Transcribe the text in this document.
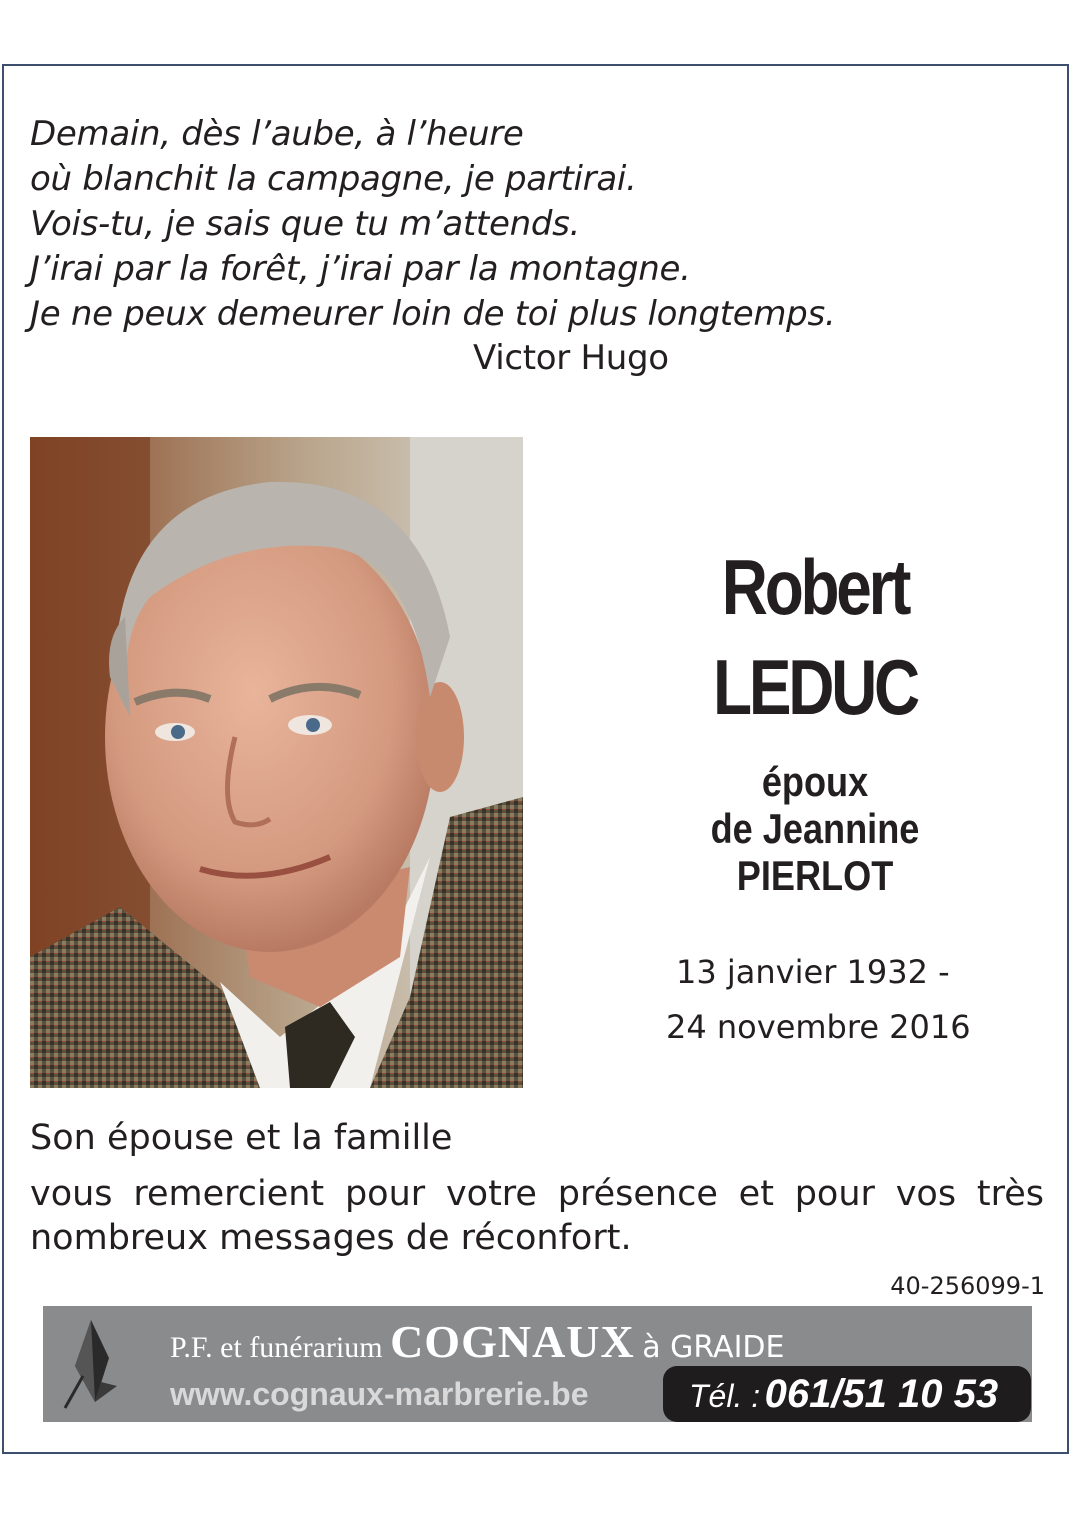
Demain, dès l’aube, à l’heure
où blanchit la campagne, je partirai.
Vois-tu, je sais que tu m’attends.
J’irai par la forêt, j’irai par la montagne.
Je ne peux demeurer loin de toi plus longtemps.
Victor Hugo
Robert
LEDUC
époux
de Jeannine
PIERLOT
13 janvier 1932 -
24 novembre 2016
Son épouse et la famille
vous remercient pour votre présence et pour vos très
nombreux messages de réconfort.
40-256099-1
P.F. et funérarium COGNAUX à GRAIDE
www.cognaux-marbrerie.be	Tél. : 061/51 10 53
